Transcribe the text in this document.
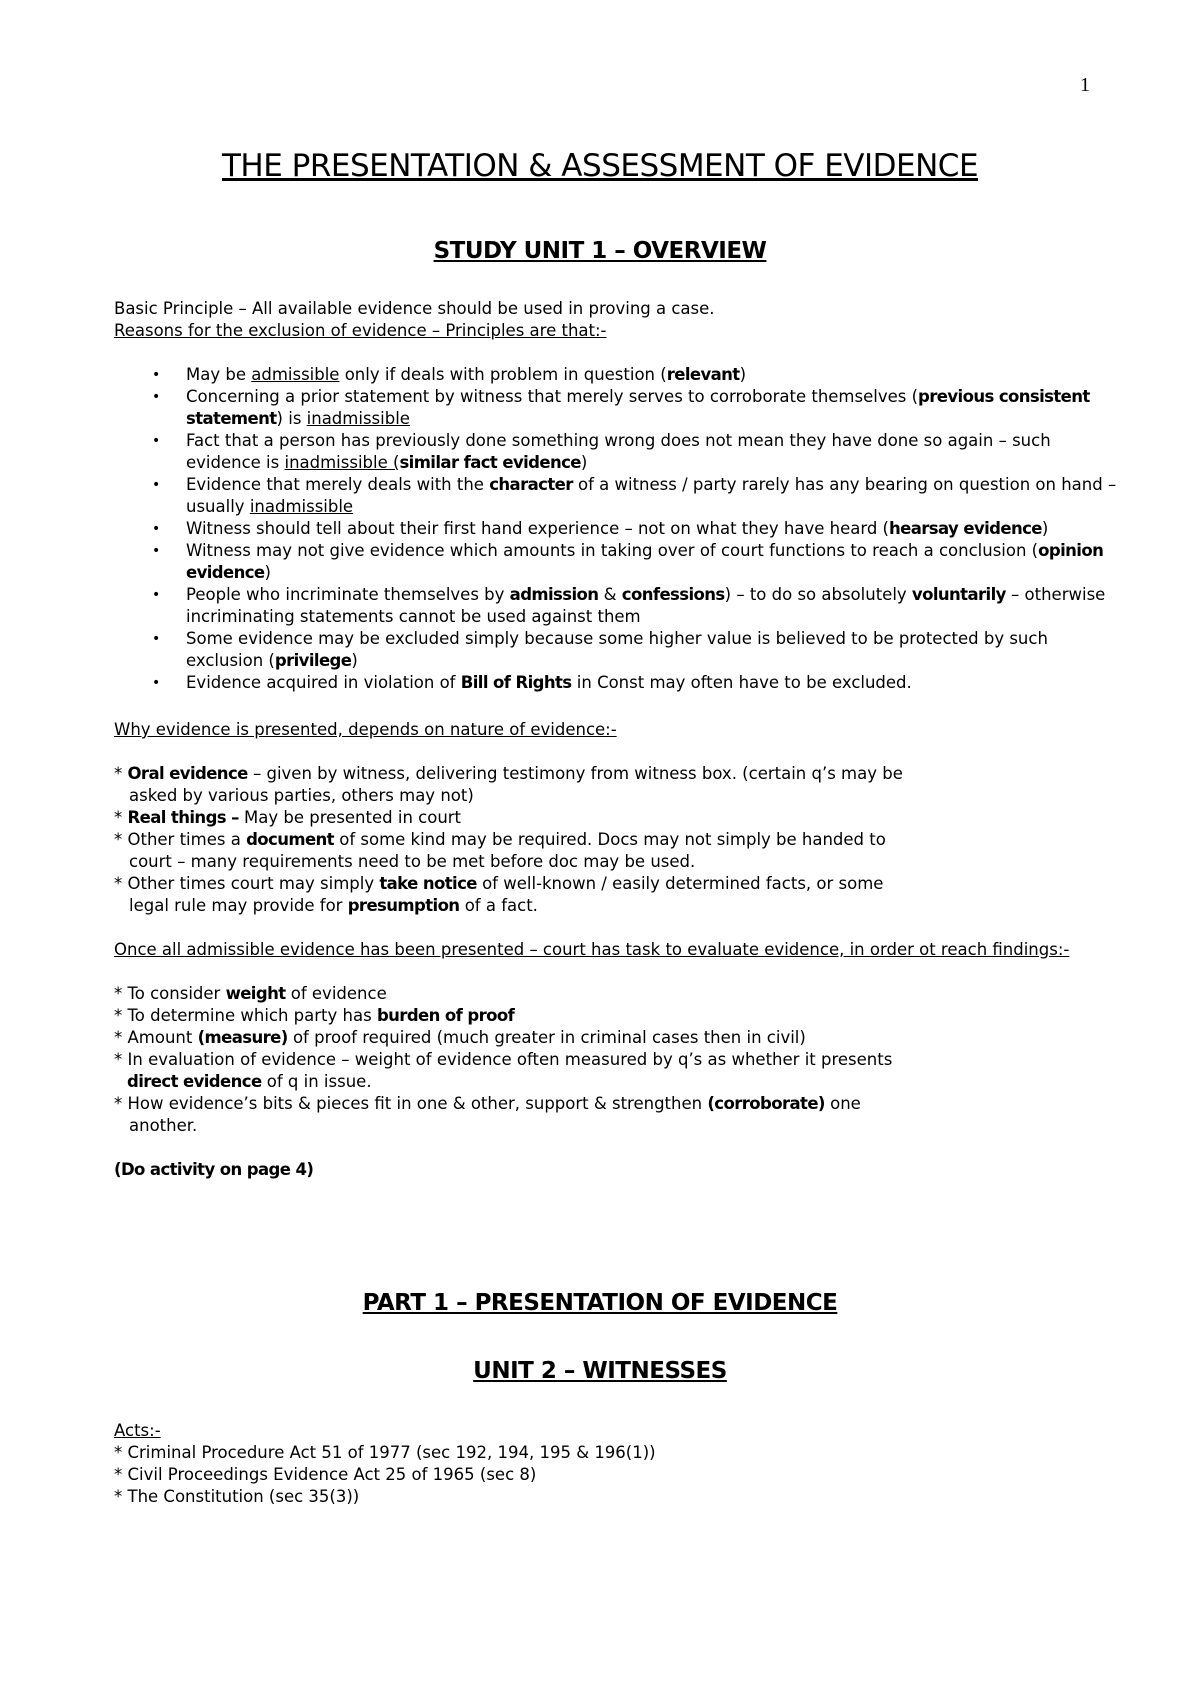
1
THE PRESENTATION & ASSESSMENT OF EVIDENCE
STUDY UNIT 1 – OVERVIEW
Basic Principle – All available evidence should be used in proving a case.
Reasons for the exclusion of evidence – Principles are that:-
• May be admissible only if deals with problem in question (relevant)
• Concerning a prior statement by witness that merely serves to corroborate themselves (previous consistent
statement) is inadmissible
• Fact that a person has previously done something wrong does not mean they have done so again – such
evidence is inadmissible (similar fact evidence)
• Evidence that merely deals with the character of a witness / party rarely has any bearing on question on hand –
usually inadmissible
• Witness should tell about their first hand experience – not on what they have heard (hearsay evidence)
• Witness may not give evidence which amounts in taking over of court functions to reach a conclusion (opinion
evidence)
• People who incriminate themselves by admission & confessions) – to do so absolutely voluntarily – otherwise
incriminating statements cannot be used against them
• Some evidence may be excluded simply because some higher value is believed to be protected by such
exclusion (privilege)
• Evidence acquired in violation of Bill of Rights in Const may often have to be excluded.
Why evidence is presented, depends on nature of evidence:-
* Oral evidence – given by witness, delivering testimony from witness box. (certain q’s may be
asked by various parties, others may not)
* Real things – May be presented in court
* Other times a document of some kind may be required. Docs may not simply be handed to
court – many requirements need to be met before doc may be used.
* Other times court may simply take notice of well-known / easily determined facts, or some
legal rule may provide for presumption of a fact.
Once all admissible evidence has been presented – court has task to evaluate evidence, in order ot reach findings:-
* To consider weight of evidence
* To determine which party has burden of proof
* Amount (measure) of proof required (much greater in criminal cases then in civil)
* In evaluation of evidence – weight of evidence often measured by q’s as whether it presents
direct evidence of q in issue.
* How evidence’s bits & pieces fit in one & other, support & strengthen (corroborate) one
another.
(Do activity on page 4)
PART 1 – PRESENTATION OF EVIDENCE
UNIT 2 – WITNESSES
Acts:-
* Criminal Procedure Act 51 of 1977 (sec 192, 194, 195 & 196(1))
* Civil Proceedings Evidence Act 25 of 1965 (sec 8)
* The Constitution (sec 35(3))
